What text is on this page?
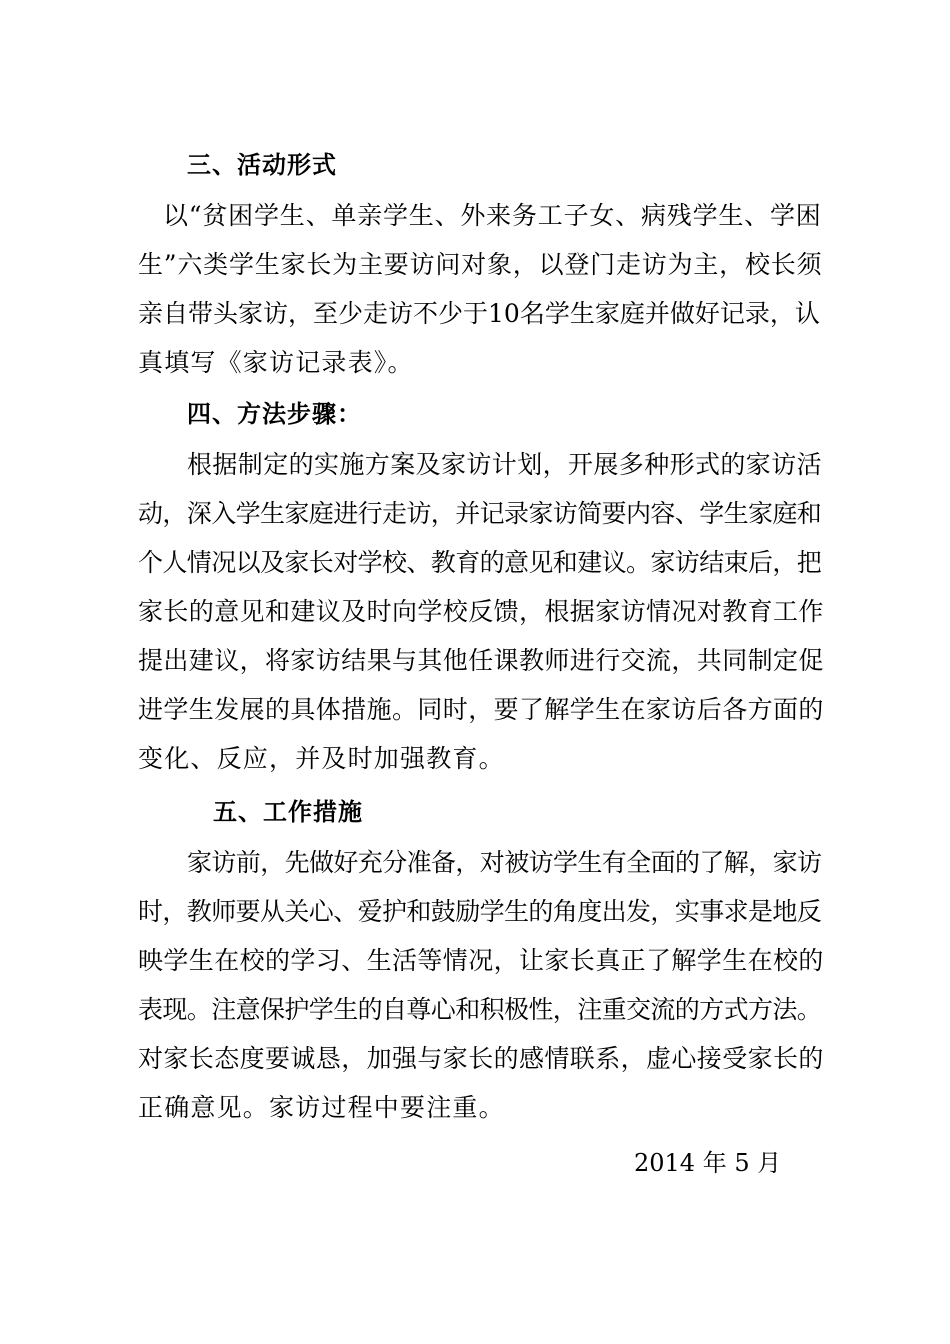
三、活动形式
以“贫困学生、单亲学生、外来务工子女、病残学生、学困
生”六类学生家长为主要访问对象，以登门走访为主，校长须
亲自带头家访，至少走访不少于10名学生家庭并做好记录，认
真填写《家访记录表》。
四、方法步骤：
根据制定的实施方案及家访计划，开展多种形式的家访活
动，深入学生家庭进行走访，并记录家访简要内容、学生家庭和
个人情况以及家长对学校、教育的意见和建议。家访结束后，把
家长的意见和建议及时向学校反馈，根据家访情况对教育工作
提出建议，将家访结果与其他任课教师进行交流，共同制定促
进学生发展的具体措施。同时，要了解学生在家访后各方面的
变化、反应，并及时加强教育。
五、工作措施
家访前，先做好充分准备，对被访学生有全面的了解，家访
时，教师要从关心、爱护和鼓励学生的角度出发，实事求是地反
映学生在校的学习、生活等情况，让家长真正了解学生在校的
表现。注意保护学生的自尊心和积极性，注重交流的方式方法。
对家长态度要诚恳，加强与家长的感情联系，虚心接受家长的
正确意见。家访过程中要注重。
2014 年 5 月
